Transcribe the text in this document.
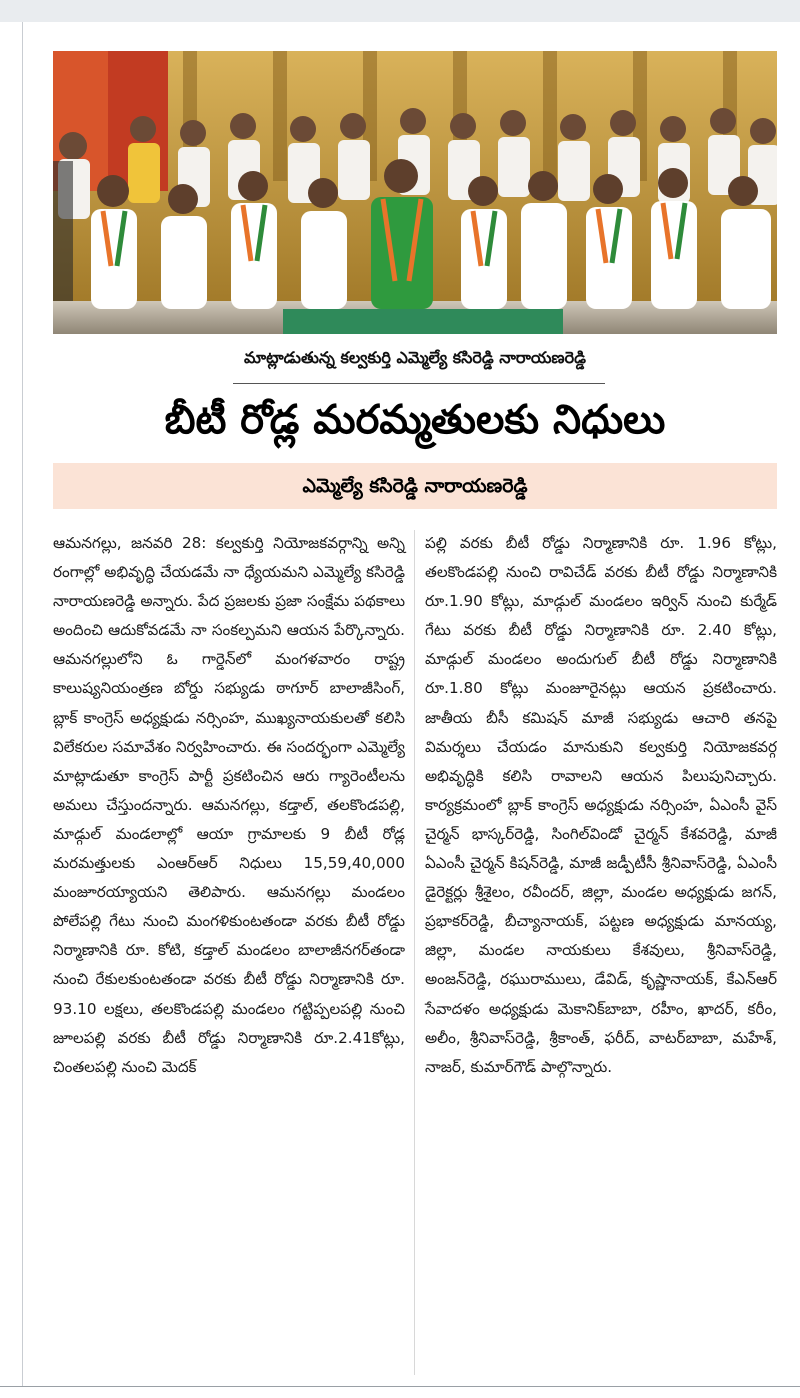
మాట్లాడుతున్న కల్వకుర్తి ఎమ్మెల్యే కసిరెడ్డి నారాయణరెడ్డి
బీటీ రోడ్ల మరమ్మతులకు నిధులు
ఎమ్మెల్యే కసిరెడ్డి నారాయణరెడ్డి
ఆమనగల్లు, జనవరి 28: కల్వకుర్తి నియోజకవర్గాన్ని అన్ని రంగాల్లో అభివృద్ధి చేయడమే నా ధ్యేయమని ఎమ్మెల్యే కసిరెడ్డి నారాయణరెడ్డి అన్నారు. పేద ప్రజలకు ప్రజా సంక్షేమ పథకాలు అందించి ఆదుకోవడమే నా సంకల్పమని ఆయన పేర్కొన్నారు. ఆమనగల్లులోని ఓ గార్డెన్‌లో మంగళవారం రాష్ట్ర కాలుష్యనియంత్రణ బోర్డు సభ్యుడు ఠాగూర్ బాలాజీసింగ్, బ్లాక్ కాంగ్రెస్ అధ్యక్షుడు నర్సింహ, ముఖ్యనాయకులతో కలిసి విలేకరుల సమావేశం నిర్వహించారు. ఈ సందర్భంగా ఎమ్మెల్యే మాట్లాడుతూ కాంగ్రెస్ పార్టీ ప్రకటించిన ఆరు గ్యారెంటీలను అమలు చేస్తుందన్నారు. ఆమనగల్లు, కడ్తాల్, తలకొండపల్లి, మాడ్గుల్ మండలాల్లో ఆయా గ్రామాలకు 9 బీటీ రోడ్ల మరమత్తులకు ఎంఆర్ఆర్ నిధులు 15,59,40,000 మంజూరయ్యాయని తెలిపారు. ఆమనగల్లు మండలం పోలేపల్లి గేటు నుంచి మంగళికుంటతండా వరకు బీటీ రోడ్డు నిర్మాణానికి రూ. కోటి, కడ్తాల్ మండలం బాలాజీనగర్‌తండా నుంచి రేకులకుంటతండా వరకు బీటీ రోడ్డు నిర్మాణానికి రూ. 93.10 లక్షలు, తలకొండపల్లి మండలం గట్టిప్పలపల్లి నుంచి జూలపల్లి వరకు బీటీ రోడ్డు నిర్మాణానికి రూ.2.41కోట్లు, చింతలపల్లి నుంచి మెదక్
పల్లి వరకు బీటీ రోడ్డు నిర్మాణానికి రూ. 1.96 కోట్లు, తలకొండపల్లి నుంచి రావిచేడ్ వరకు బీటీ రోడ్డు నిర్మాణానికి రూ.1.90 కోట్లు, మాడ్గుల్ మండలం ఇర్విన్ నుంచి కుర్మేడ్ గేటు వరకు బీటీ రోడ్డు నిర్మాణానికి రూ. 2.40 కోట్లు, మాడ్గుల్ మండలం అందుగుల్ బీటీ రోడ్డు నిర్మాణానికి రూ.1.80 కోట్లు మంజూరైనట్లు ఆయన ప్రకటించారు. జాతీయ బీసీ కమిషన్ మాజీ సభ్యుడు ఆచారి తనపై విమర్శలు చేయడం మానుకుని కల్వకుర్తి నియోజకవర్గ అభివృద్ధికి కలిసి రావాలని ఆయన పిలుపునిచ్చారు. కార్యక్రమంలో బ్లాక్ కాంగ్రెస్ అధ్యక్షుడు నర్సింహ, ఏఎంసీ వైస్ చైర్మన్ భాస్కర్‌రెడ్డి, సింగిల్‌విండో చైర్మన్ కేశవరెడ్డి, మాజీ ఏఎంసీ చైర్మన్ కిషన్‌రెడ్డి, మాజీ జడ్పీటీసీ శ్రీనివాస్‌రెడ్డి, ఏఎంసీ డైరెక్టర్లు శ్రీశైలం, రవీందర్, జిల్లా, మండల అధ్యక్షుడు జగన్, ప్రభాకర్‌రెడ్డి, బీచ్యానాయక్, పట్టణ అధ్యక్షుడు మానయ్య, జిల్లా, మండల నాయకులు కేశవులు, శ్రీనివాస్‌రెడ్డి, అంజన్‌రెడ్డి, రఘురాములు, డేవిడ్, కృష్ణానాయక్, కేఎన్ఆర్ సేవాదళం అధ్యక్షుడు మెకానిక్‌బాబా, రహీం, ఖాదర్, కరీం, అలీం, శ్రీనివాస్‌రెడ్డి, శ్రీకాంత్, ఫరీద్, వాటర్‌బాబా, మహేశ్, నాజర్, కుమార్‌గౌడ్ పాల్గొన్నారు.
